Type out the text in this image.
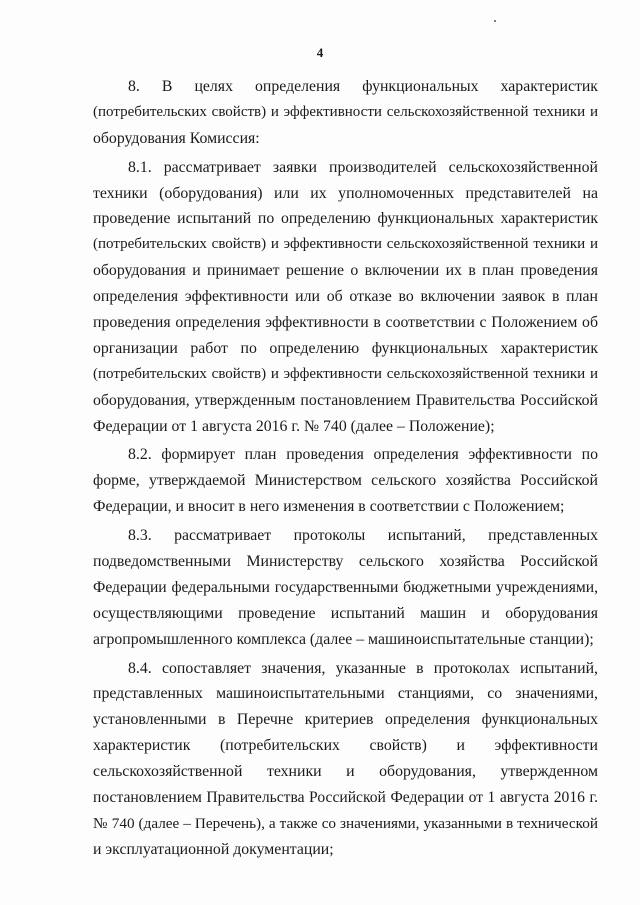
4
8. В целях определения функциональных характеристик
(потребительских свойств) и эффективности сельскохозяйственной техники и
оборудования Комиссия:
8.1. рассматривает заявки производителей сельскохозяйственной
техники (оборудования) или их уполномоченных представителей на
проведение испытаний по определению функциональных характеристик
(потребительских свойств) и эффективности сельскохозяйственной техники и
оборудования и принимает решение о включении их в план проведения
определения эффективности или об отказе во включении заявок в план
проведения определения эффективности в соответствии с Положением об
организации работ по определению функциональных характеристик
(потребительских свойств) и эффективности сельскохозяйственной техники и
оборудования, утвержденным постановлением Правительства Российской
Федерации от 1 августа 2016 г. № 740 (далее – Положение);
8.2. формирует план проведения определения эффективности по
форме, утверждаемой Министерством сельского хозяйства Российской
Федерации, и вносит в него изменения в соответствии с Положением;
8.3. рассматривает протоколы испытаний, представленных
подведомственными Министерству сельского хозяйства Российской
Федерации федеральными государственными бюджетными учреждениями,
осуществляющими проведение испытаний машин и оборудования
агропромышленного комплекса (далее – машиноиспытательные станции);
8.4. сопоставляет значения, указанные в протоколах испытаний,
представленных машиноиспытательными станциями, со значениями,
установленными в Перечне критериев определения функциональных
характеристик (потребительских свойств) и эффективности
сельскохозяйственной техники и оборудования, утвержденном
постановлением Правительства Российской Федерации от 1 августа 2016 г.
№ 740 (далее – Перечень), а также со значениями, указанными в технической
и эксплуатационной документации;
